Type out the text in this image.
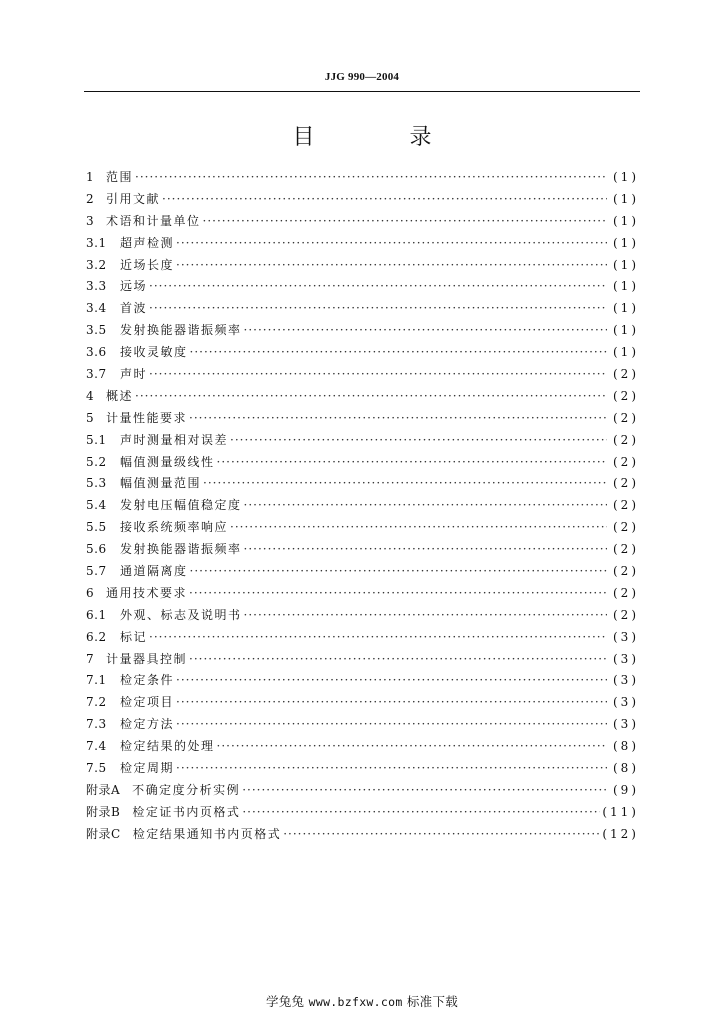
JJG 990—2004
目 录
1 范围 ·····	(1)
2 引用文献 ·····	(1)
3 术语和计量单位 ·····	(1)
3.1	超声检测 ·····	(1)
3.2	近场长度 ·····	(1)
3.3	远场 ·····	(1)
3.4	首波 ·····	(1)
3.5	发射换能器谐振频率 ·····	(1)
3.6	接收灵敏度 ·····	(1)
3.7	声时 ·····	(2)
4 概述 ·····	(2)
5 计量性能要求 ·····	(2)
5.1	声时测量相对误差 ·····	(2)
5.2	幅值测量级线性 ·····	(2)
5.3	幅值测量范围 ·····	(2)
5.4	发射电压幅值稳定度 ·····	(2)
5.5	接收系统频率响应 ·····	(2)
5.6	发射换能器谐振频率 ·····	(2)
5.7	通道隔离度 ·····	(2)
6 通用技术要求 ·····	(2)
6.1	外观、标志及说明书 ·····	(2)
6.2	标记 ·····	(3)
7 计量器具控制 ·····	(3)
7.1	检定条件 ·····	(3)
7.2	检定项目 ·····	(3)
7.3	检定方法 ·····	(3)
7.4	检定结果的处理 ·····	(8)
7.5	检定周期 ·····	(8)
附录A 不确定度分析实例 ·····	(9)
附录B 检定证书内页格式 ·····	(11)
附录C 检定结果通知书内页格式 ·····	(12)
学兔兔 www.bzfxw.com 标准下载
